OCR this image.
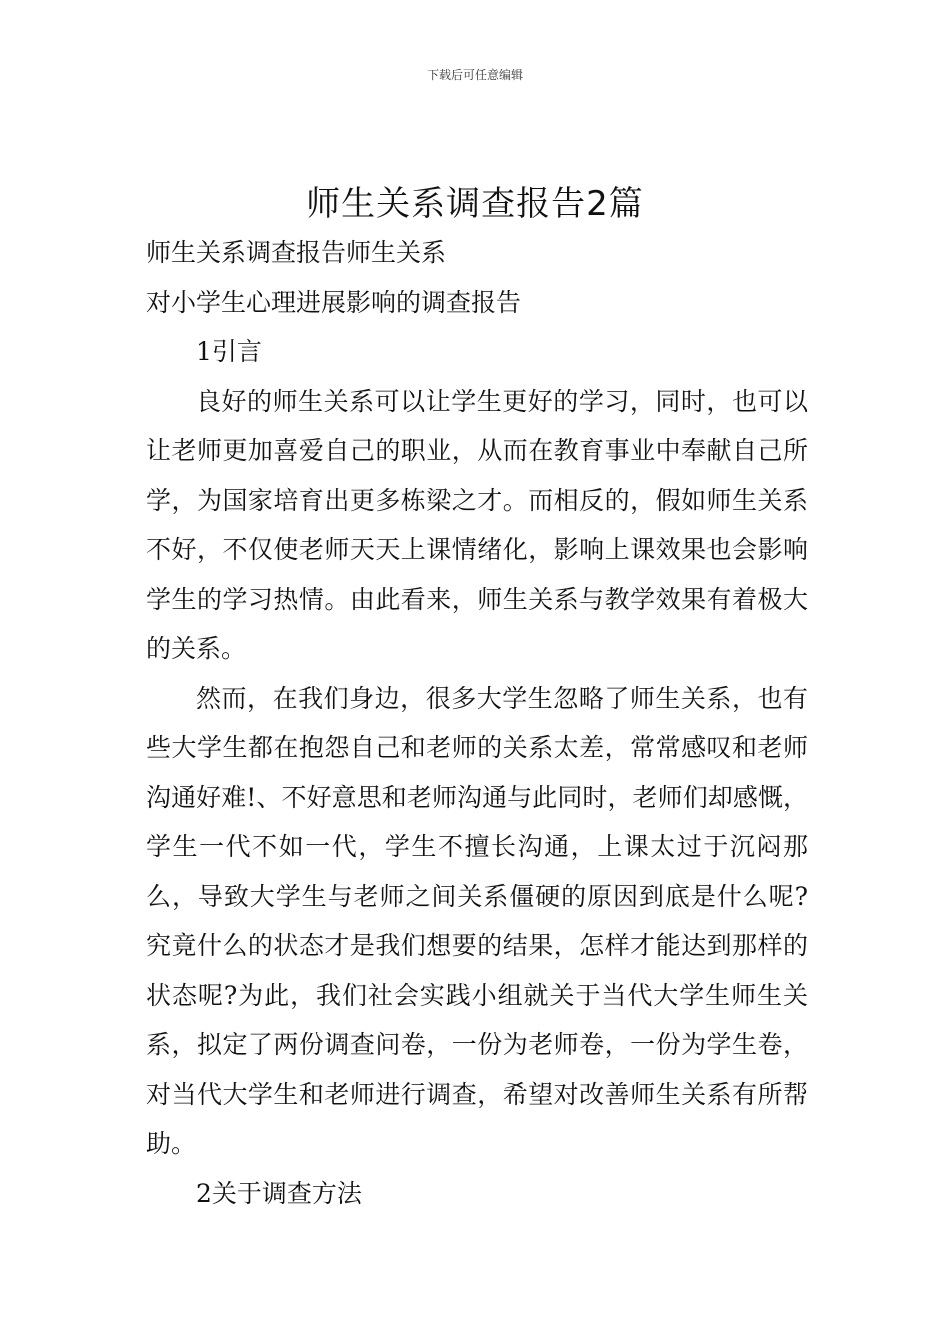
下载后可任意编辑
师生关系调查报告2篇

师生关系调查报告师生关系

对小学生心理进展影响的调查报告

1引言

良好的师生关系可以让学生更好的学习，同时，也可以让老师更加喜爱自己的职业，从而在教育事业中奉献自己所学，为国家培育出更多栋梁之才。而相反的，假如师生关系不好，不仅使老师天天上课情绪化，影响上课效果也会影响学生的学习热情。由此看来，师生关系与教学效果有着极大的关系。

然而，在我们身边，很多大学生忽略了师生关系，也有些大学生都在抱怨自己和老师的关系太差，常常感叹和老师沟通好难!、不好意思和老师沟通与此同时，老师们却感慨，学生一代不如一代，学生不擅长沟通，上课太过于沉闷那么，导致大学生与老师之间关系僵硬的原因到底是什么呢?究竟什么的状态才是我们想要的结果，怎样才能达到那样的状态呢?为此，我们社会实践小组就关于当代大学生师生关系，拟定了两份调查问卷，一份为老师卷，一份为学生卷，对当代大学生和老师进行调查，希望对改善师生关系有所帮助。

2关于调查方法
